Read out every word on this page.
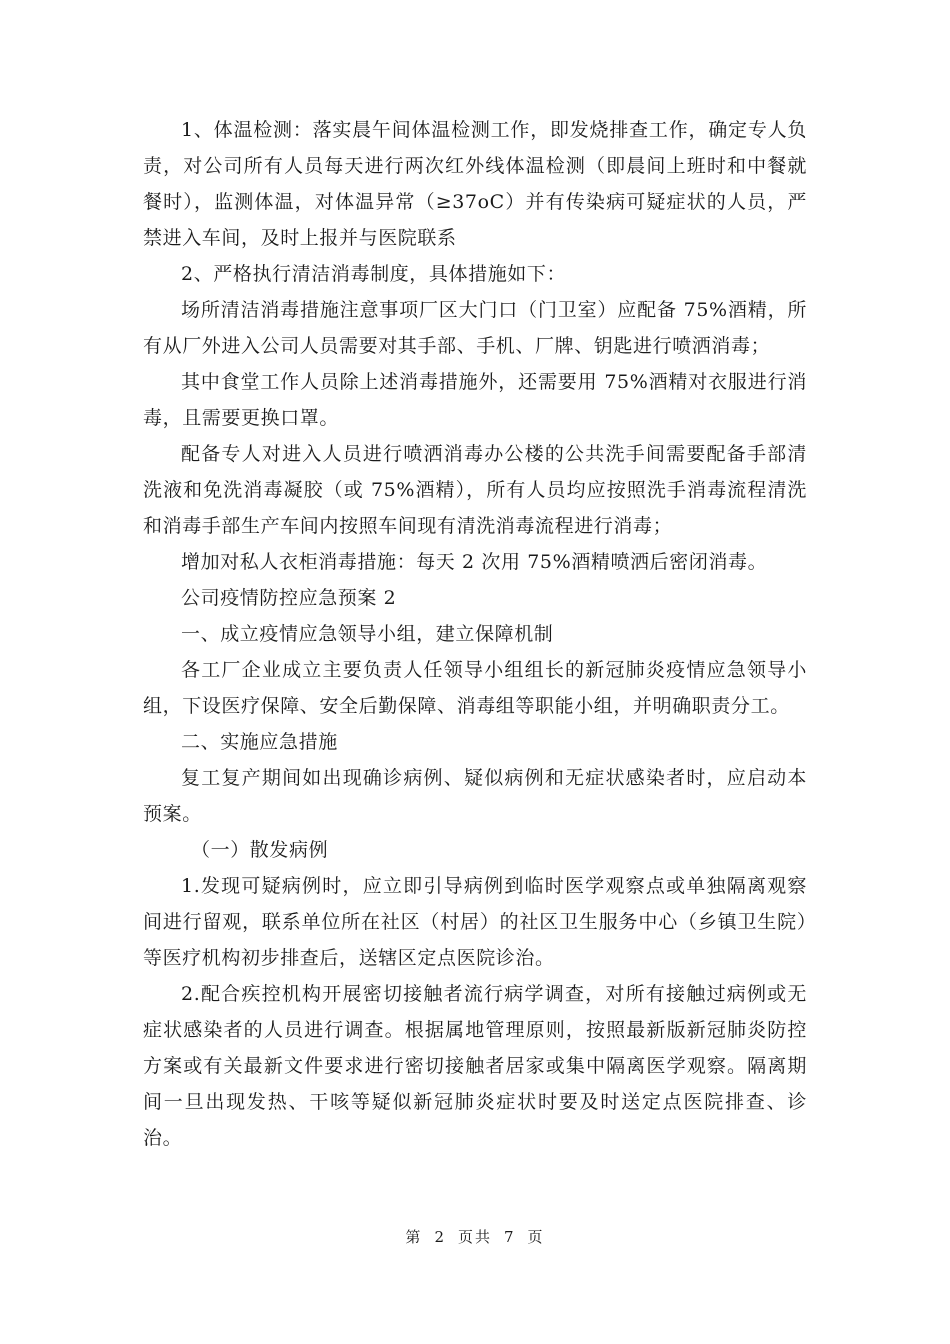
1、体温检测：落实晨午间体温检测工作，即发烧排查工作，确定专人负责，对公司所有人员每天进行两次红外线体温检测（即晨间上班时和中餐就餐时），监测体温，对体温异常（≥37oC）并有传染病可疑症状的人员，严禁进入车间，及时上报并与医院联系

2、严格执行清洁消毒制度，具体措施如下：

场所清洁消毒措施注意事项厂区大门口（门卫室）应配备 75%酒精，所有从厂外进入公司人员需要对其手部、手机、厂牌、钥匙进行喷洒消毒；

其中食堂工作人员除上述消毒措施外，还需要用 75%酒精对衣服进行消毒，且需要更换口罩。

配备专人对进入人员进行喷洒消毒办公楼的公共洗手间需要配备手部清洗液和免洗消毒凝胶（或 75%酒精），所有人员均应按照洗手消毒流程清洗和消毒手部生产车间内按照车间现有清洗消毒流程进行消毒；

增加对私人衣柜消毒措施：每天 2 次用 75%酒精喷洒后密闭消毒。

公司疫情防控应急预案 2

一、成立疫情应急领导小组，建立保障机制

各工厂企业成立主要负责人任领导小组组长的新冠肺炎疫情应急领导小组，下设医疗保障、安全后勤保障、消毒组等职能小组，并明确职责分工。

二、实施应急措施

复工复产期间如出现确诊病例、疑似病例和无症状感染者时，应启动本预案。

（一）散发病例

1.发现可疑病例时，应立即引导病例到临时医学观察点或单独隔离观察间进行留观，联系单位所在社区（村居）的社区卫生服务中心（乡镇卫生院）等医疗机构初步排查后，送辖区定点医院诊治。

2.配合疾控机构开展密切接触者流行病学调查，对所有接触过病例或无症状感染者的人员进行调查。根据属地管理原则，按照最新版新冠肺炎防控方案或有关最新文件要求进行密切接触者居家或集中隔离医学观察。隔离期间一旦出现发热、干咳等疑似新冠肺炎症状时要及时送定点医院排查、诊治。

第 2 页共 7 页
